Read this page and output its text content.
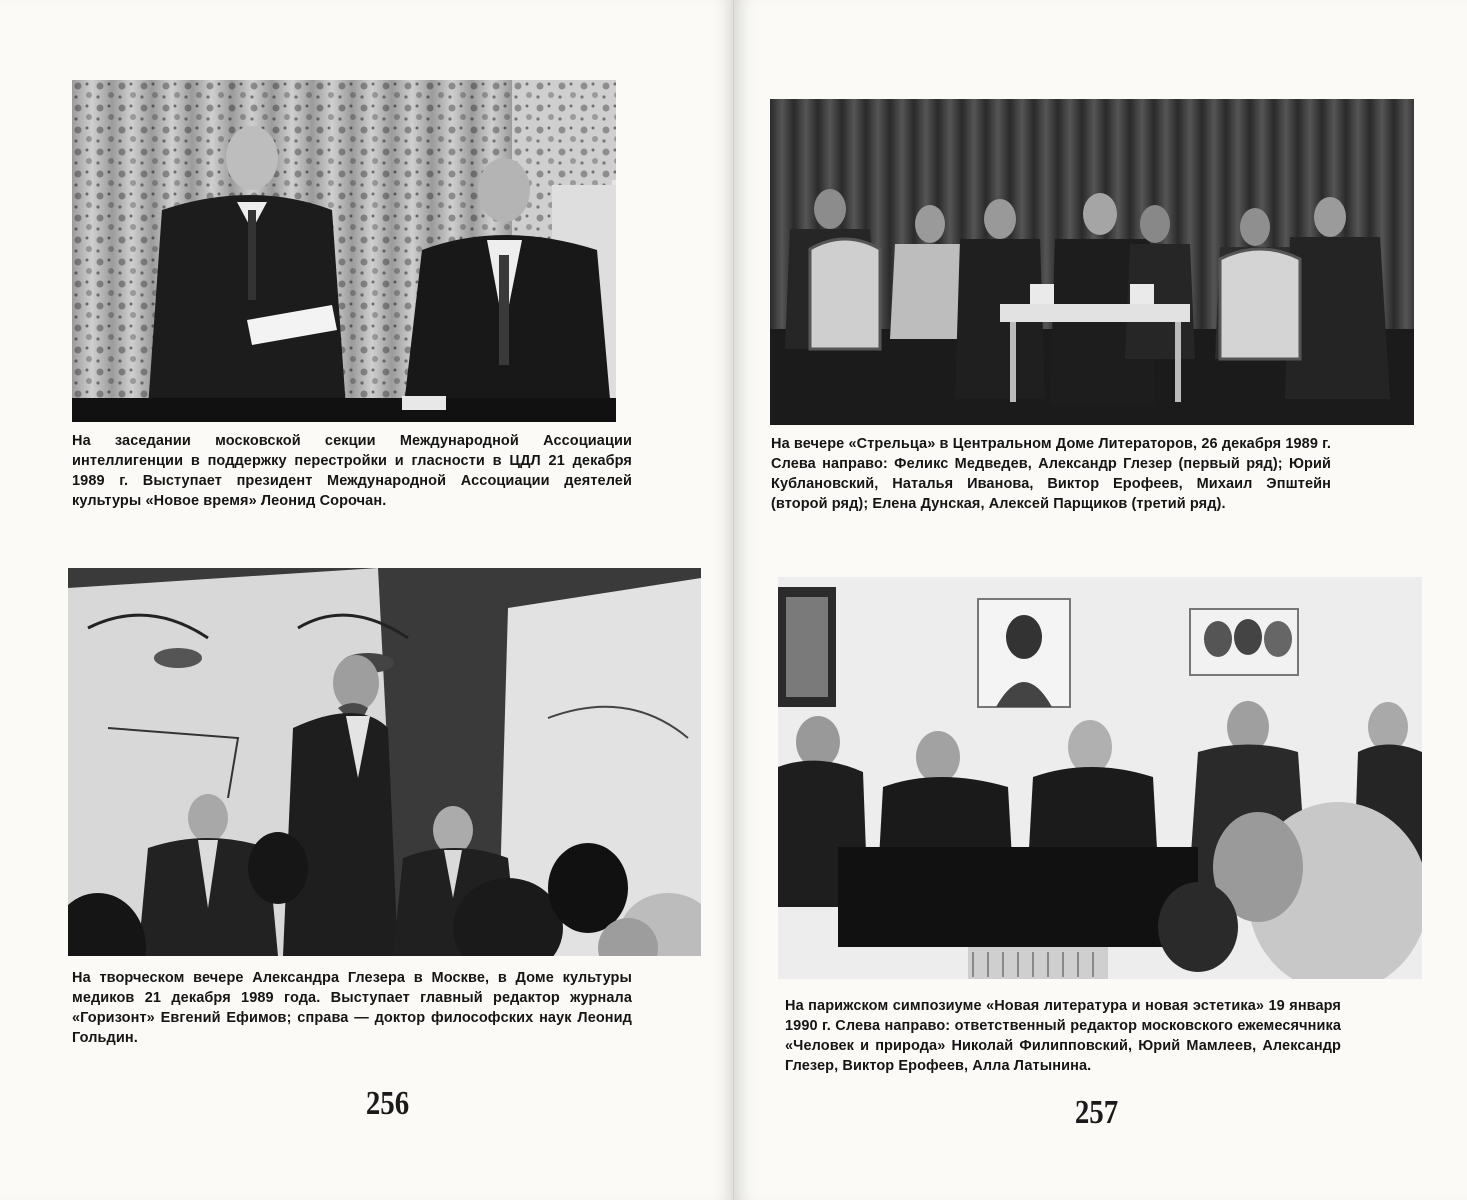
На заседании московской секции Международной Ассоциации интеллигенции в поддержку перестройки и гласности в ЦДЛ 21 декабря 1989 г. Выступает президент Международной Ассоциации деятелей культуры «Новое время» Леонид Сорочан.

На творческом вечере Александра Глезера в Москве, в Доме культуры медиков 21 декабря 1989 года. Выступает главный редактор журнала «Горизонт» Евгений Ефимов; справа — доктор философских наук Леонид Гольдин.

256

На вечере «Стрельца» в Центральном Доме Литераторов, 26 декабря 1989 г. Слева направо: Феликс Медведев, Александр Глезер (первый ряд); Юрий Кублановский, Наталья Иванова, Виктор Ерофеев, Михаил Эпштейн (второй ряд); Елена Дунская, Алексей Парщиков (третий ряд).

На парижском симпозиуме «Новая литература и новая эстетика» 19 января 1990 г. Слева направо: ответственный редактор московского ежемесячника «Человек и природа» Николай Филипповский, Юрий Мамлеев, Александр Глезер, Виктор Ерофеев, Алла Латынина.

257
